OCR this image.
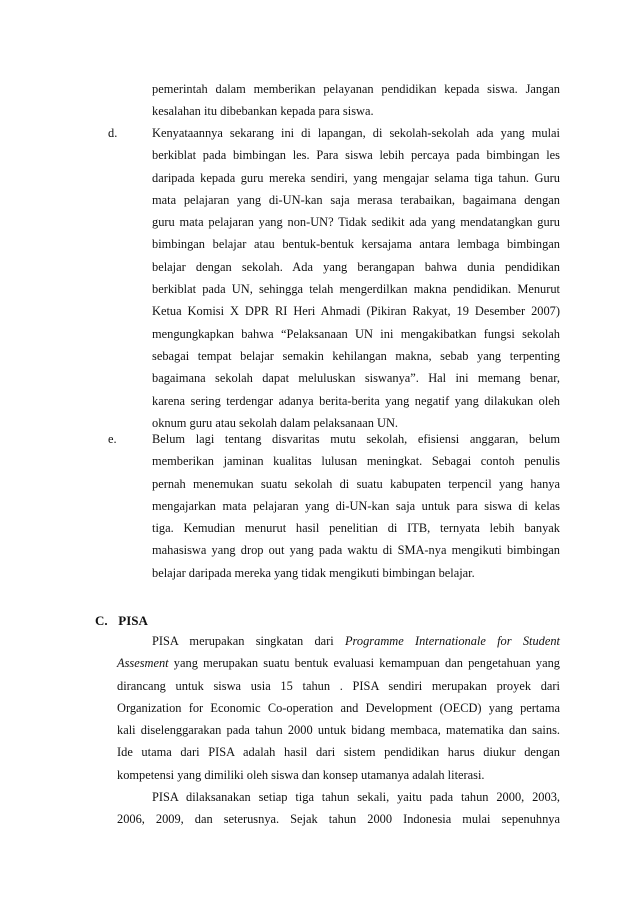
pemerintah dalam memberikan pelayanan pendidikan kepada siswa. Jangan
kesalahan itu dibebankan kepada para siswa.
d.	Kenyataannya sekarang ini di lapangan, di sekolah-sekolah ada yang mulai
berkiblat pada bimbingan les. Para siswa lebih percaya pada bimbingan les
daripada kepada guru mereka sendiri, yang mengajar selama tiga tahun. Guru
mata pelajaran yang di-UN-kan saja merasa terabaikan, bagaimana dengan
guru mata pelajaran yang non-UN? Tidak sedikit ada yang mendatangkan guru
bimbingan belajar atau bentuk-bentuk kersajama antara lembaga bimbingan
belajar dengan sekolah. Ada yang berangapan bahwa dunia pendidikan
berkiblat pada UN, sehingga telah mengerdilkan makna pendidikan. Menurut
Ketua Komisi X DPR RI Heri Ahmadi (Pikiran Rakyat, 19 Desember 2007)
mengungkapkan bahwa “Pelaksanaan UN ini mengakibatkan fungsi sekolah
sebagai tempat belajar semakin kehilangan makna, sebab yang terpenting
bagaimana sekolah dapat meluluskan siswanya”. Hal ini memang benar,
karena sering terdengar adanya berita-berita yang negatif yang dilakukan oleh
oknum guru atau sekolah dalam pelaksanaan UN.
e.	Belum lagi tentang disvaritas mutu sekolah, efisiensi anggaran, belum
memberikan jaminan kualitas lulusan meningkat. Sebagai contoh penulis
pernah menemukan suatu sekolah di suatu kabupaten terpencil yang hanya
mengajarkan mata pelajaran yang di-UN-kan saja untuk para siswa di kelas
tiga. Kemudian menurut hasil penelitian di ITB, ternyata lebih banyak
mahasiswa yang drop out yang pada waktu di SMA-nya mengikuti bimbingan
belajar daripada mereka yang tidak mengikuti bimbingan belajar.
C. PISA
PISA merupakan singkatan dari Programme Internationale for Student
Assesment yang merupakan suatu bentuk evaluasi kemampuan dan pengetahuan yang
dirancang untuk siswa usia 15 tahun . PISA sendiri merupakan proyek dari
Organization for Economic Co-operation and Development (OECD) yang pertama
kali diselenggarakan pada tahun 2000 untuk bidang membaca, matematika dan sains.
Ide utama dari PISA adalah hasil dari sistem pendidikan harus diukur dengan
kompetensi yang dimiliki oleh siswa dan konsep utamanya adalah literasi.
PISA dilaksanakan setiap tiga tahun sekali, yaitu pada tahun 2000, 2003,
2006, 2009, dan seterusnya. Sejak tahun 2000 Indonesia mulai sepenuhnya
